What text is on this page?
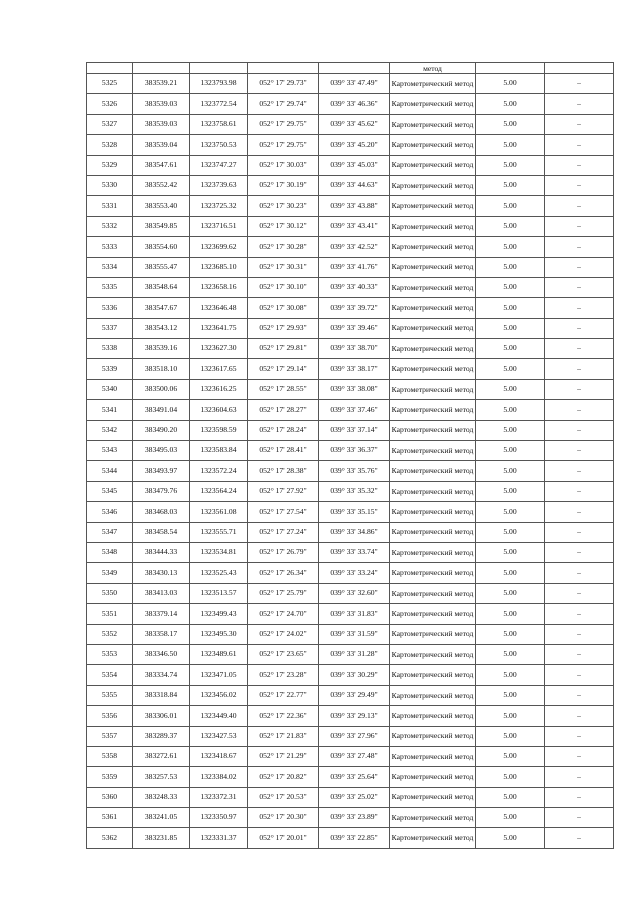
					метод		
5325	383539.21	1323793.98	052° 17' 29.73"	039° 33' 47.49"	Картометрический метод	5.00	–
5326	383539.03	1323772.54	052° 17' 29.74"	039° 33' 46.36"	Картометрический метод	5.00	–
5327	383539.03	1323758.61	052° 17' 29.75"	039° 33' 45.62"	Картометрический метод	5.00	–
5328	383539.04	1323750.53	052° 17' 29.75"	039° 33' 45.20"	Картометрический метод	5.00	–
5329	383547.61	1323747.27	052° 17' 30.03"	039° 33' 45.03"	Картометрический метод	5.00	–
5330	383552.42	1323739.63	052° 17' 30.19"	039° 33' 44.63"	Картометрический метод	5.00	–
5331	383553.40	1323725.32	052° 17' 30.23"	039° 33' 43.88"	Картометрический метод	5.00	–
5332	383549.85	1323716.51	052° 17' 30.12"	039° 33' 43.41"	Картометрический метод	5.00	–
5333	383554.60	1323699.62	052° 17' 30.28"	039° 33' 42.52"	Картометрический метод	5.00	–
5334	383555.47	1323685.10	052° 17' 30.31"	039° 33' 41.76"	Картометрический метод	5.00	–
5335	383548.64	1323658.16	052° 17' 30.10"	039° 33' 40.33"	Картометрический метод	5.00	–
5336	383547.67	1323646.48	052° 17' 30.08"	039° 33' 39.72"	Картометрический метод	5.00	–
5337	383543.12	1323641.75	052° 17' 29.93"	039° 33' 39.46"	Картометрический метод	5.00	–
5338	383539.16	1323627.30	052° 17' 29.81"	039° 33' 38.70"	Картометрический метод	5.00	–
5339	383518.10	1323617.65	052° 17' 29.14"	039° 33' 38.17"	Картометрический метод	5.00	–
5340	383500.06	1323616.25	052° 17' 28.55"	039° 33' 38.08"	Картометрический метод	5.00	–
5341	383491.04	1323604.63	052° 17' 28.27"	039° 33' 37.46"	Картометрический метод	5.00	–
5342	383490.20	1323598.59	052° 17' 28.24"	039° 33' 37.14"	Картометрический метод	5.00	–
5343	383495.03	1323583.84	052° 17' 28.41"	039° 33' 36.37"	Картометрический метод	5.00	–
5344	383493.97	1323572.24	052° 17' 28.38"	039° 33' 35.76"	Картометрический метод	5.00	–
5345	383479.76	1323564.24	052° 17' 27.92"	039° 33' 35.32"	Картометрический метод	5.00	–
5346	383468.03	1323561.08	052° 17' 27.54"	039° 33' 35.15"	Картометрический метод	5.00	–
5347	383458.54	1323555.71	052° 17' 27.24"	039° 33' 34.86"	Картометрический метод	5.00	–
5348	383444.33	1323534.81	052° 17' 26.79"	039° 33' 33.74"	Картометрический метод	5.00	–
5349	383430.13	1323525.43	052° 17' 26.34"	039° 33' 33.24"	Картометрический метод	5.00	–
5350	383413.03	1323513.57	052° 17' 25.79"	039° 33' 32.60"	Картометрический метод	5.00	–
5351	383379.14	1323499.43	052° 17' 24.70"	039° 33' 31.83"	Картометрический метод	5.00	–
5352	383358.17	1323495.30	052° 17' 24.02"	039° 33' 31.59"	Картометрический метод	5.00	–
5353	383346.50	1323489.61	052° 17' 23.65"	039° 33' 31.28"	Картометрический метод	5.00	–
5354	383334.74	1323471.05	052° 17' 23.28"	039° 33' 30.29"	Картометрический метод	5.00	–
5355	383318.84	1323456.02	052° 17' 22.77"	039° 33' 29.49"	Картометрический метод	5.00	–
5356	383306.01	1323449.40	052° 17' 22.36"	039° 33' 29.13"	Картометрический метод	5.00	–
5357	383289.37	1323427.53	052° 17' 21.83"	039° 33' 27.96"	Картометрический метод	5.00	–
5358	383272.61	1323418.67	052° 17' 21.29"	039° 33' 27.48"	Картометрический метод	5.00	–
5359	383257.53	1323384.02	052° 17' 20.82"	039° 33' 25.64"	Картометрический метод	5.00	–
5360	383248.33	1323372.31	052° 17' 20.53"	039° 33' 25.02"	Картометрический метод	5.00	–
5361	383241.05	1323350.97	052° 17' 20.30"	039° 33' 23.89"	Картометрический метод	5.00	–
5362	383231.85	1323331.37	052° 17' 20.01"	039° 33' 22.85"	Картометрический метод	5.00	–
